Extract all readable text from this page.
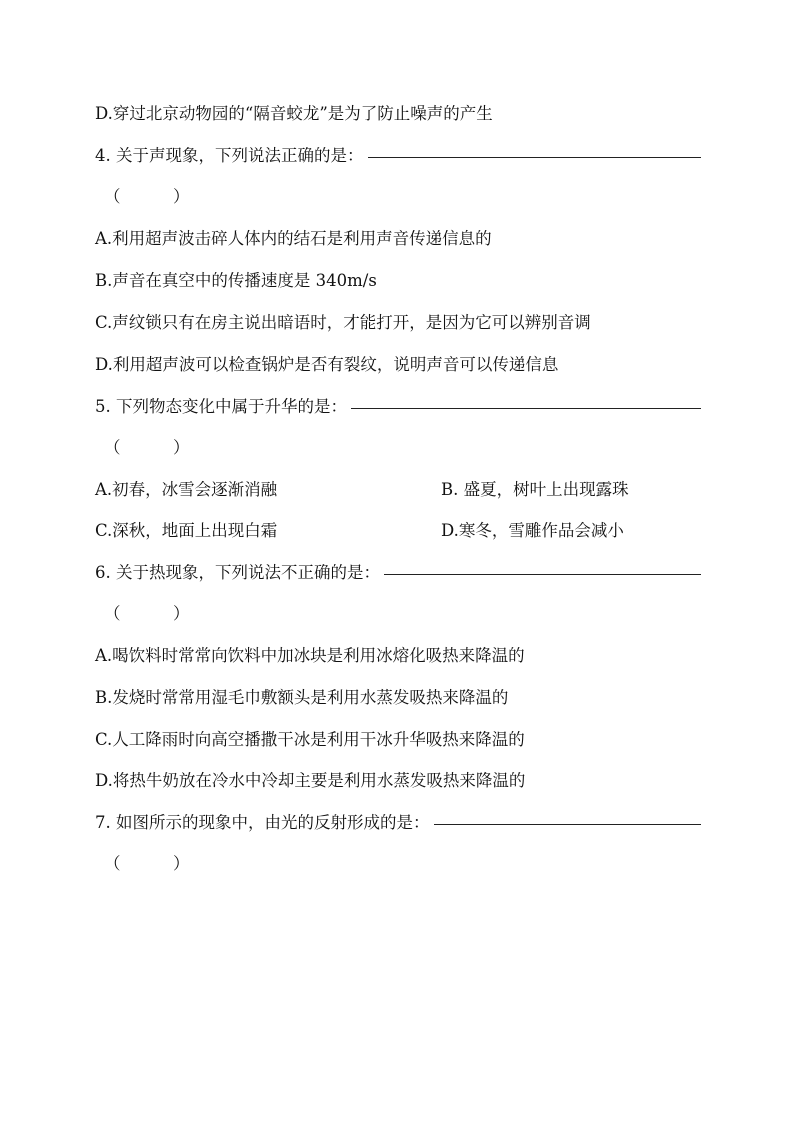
D.穿过北京动物园的“隔音蛟龙”是为了防止噪声的产生
4. 关于声现象，下列说法正确的是：
（          ）
A.利用超声波击碎人体内的结石是利用声音传递信息的
B.声音在真空中的传播速度是 340m/s
C.声纹锁只有在房主说出暗语时，才能打开，是因为它可以辨别音调
D.利用超声波可以检查锅炉是否有裂纹，说明声音可以传递信息
5. 下列物态变化中属于升华的是：
（          ）
A.初春，冰雪会逐渐消融	B. 盛夏，树叶上出现露珠
C.深秋，地面上出现白霜	D.寒冬，雪雕作品会减小
6. 关于热现象，下列说法不正确的是：
（          ）
A.喝饮料时常常向饮料中加冰块是利用冰熔化吸热来降温的
B.发烧时常常用湿毛巾敷额头是利用水蒸发吸热来降温的
C.人工降雨时向高空播撒干冰是利用干冰升华吸热来降温的
D.将热牛奶放在冷水中冷却主要是利用水蒸发吸热来降温的
7. 如图所示的现象中，由光的反射形成的是：
（          ）
